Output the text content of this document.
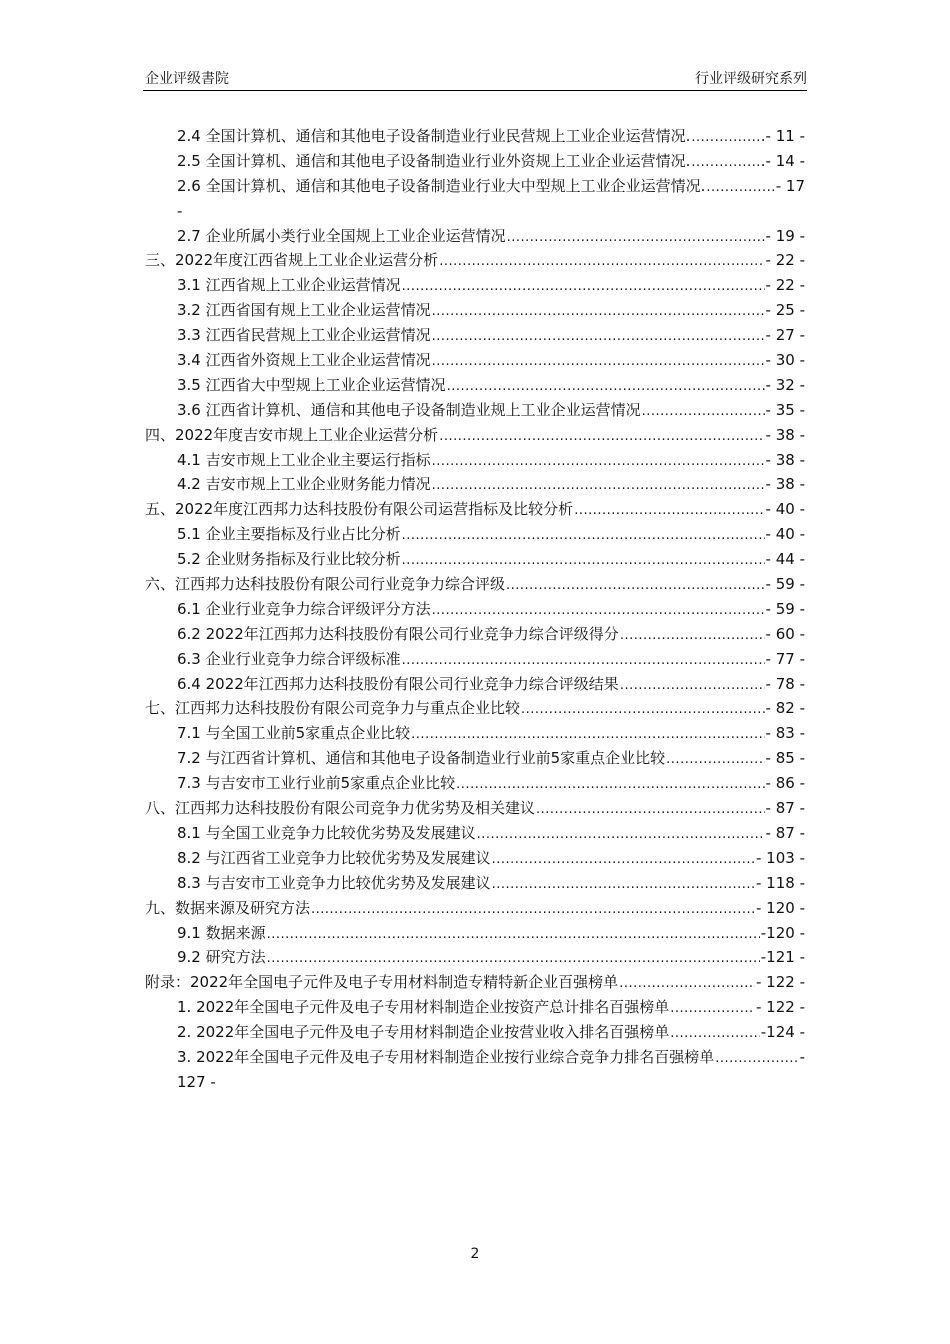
企业评级書院	行业评级研究系列
2.4 全国计算机、通信和其他电子设备制造业行业民营规上工业企业运营情况. .....	.- 11 -
2.5 全国计算机、通信和其他电子设备制造业行业外资规上工业企业运营情况. .....	.- 14 -
2.6 全国计算机、通信和其他电子设备制造业行业大中型规上工业企业运营情况. .....	- 17
-
2.7 企业所属小类行业全国规上工业企业运营情况 .....	- 19 -
三、2022年度江西省规上工业企业运营分析 .....	- 22 -
3.1 江西省规上工业企业运营情况 .....	- 22 -
3.2 江西省国有规上工业企业运营情况 .....	- 25 -
3.3 江西省民营规上工业企业运营情况 .....	- 27 -
3.4 江西省外资规上工业企业运营情况 .....	- 30 -
3.5 江西省大中型规上工业企业运营情况 .....	- 32 -
3.6 江西省计算机、通信和其他电子设备制造业规上工业企业运营情况 .....	- 35 -
四、2022年度吉安市规上工业企业运营分析 .....	- 38 -
4.1 吉安市规上工业企业主要运行指标 .....	- 38 -
4.2 吉安市规上工业企业财务能力情况 .....	- 38 -
五、2022年度江西邦力达科技股份有限公司运营指标及比较分析 .....	- 40 -
5.1 企业主要指标及行业占比分析 .....	- 40 -
5.2 企业财务指标及行业比较分析 .....	- 44 -
六、江西邦力达科技股份有限公司行业竞争力综合评级 .....	- 59 -
6.1 企业行业竞争力综合评级评分方法 .....	- 59 -
6.2 2022年江西邦力达科技股份有限公司行业竞争力综合评级得分 .....	- 60 -
6.3 企业行业竞争力综合评级标准 .....	- 77 -
6.4 2022年江西邦力达科技股份有限公司行业竞争力综合评级结果 .....	- 78 -
七、江西邦力达科技股份有限公司竞争力与重点企业比较 .....	- 82 -
7.1 与全国工业前5家重点企业比较 .....	- 83 -
7.2 与江西省计算机、通信和其他电子设备制造业行业前5家重点企业比较 .....	- 85 -
7.3 与吉安市工业行业前5家重点企业比较 .....	- 86 -
八、江西邦力达科技股份有限公司竞争力优劣势及相关建议 .....	- 87 -
8.1 与全国工业竞争力比较优劣势及发展建议 .....	- 87 -
8.2 与江西省工业竞争力比较优劣势及发展建议 .....	- 103 -
8.3 与吉安市工业竞争力比较优劣势及发展建议 .....	- 118 -
九、数据来源及研究方法 .....	- 120 -
9.1 数据来源 .....	-120 -
9.2 研究方法 .....	-121 -
附录：2022年全国电子元件及电子专用材料制造专精特新企业百强榜单 .....	- 122 -
1. 2022年全国电子元件及电子专用材料制造企业按资产总计排名百强榜单 .....	- 122 -
2. 2022年全国电子元件及电子专用材料制造企业按营业收入排名百强榜单 .....	-124 -
3. 2022年全国电子元件及电子专用材料制造企业按行业综合竞争力排名百强榜单 .....	-
127 -
2
